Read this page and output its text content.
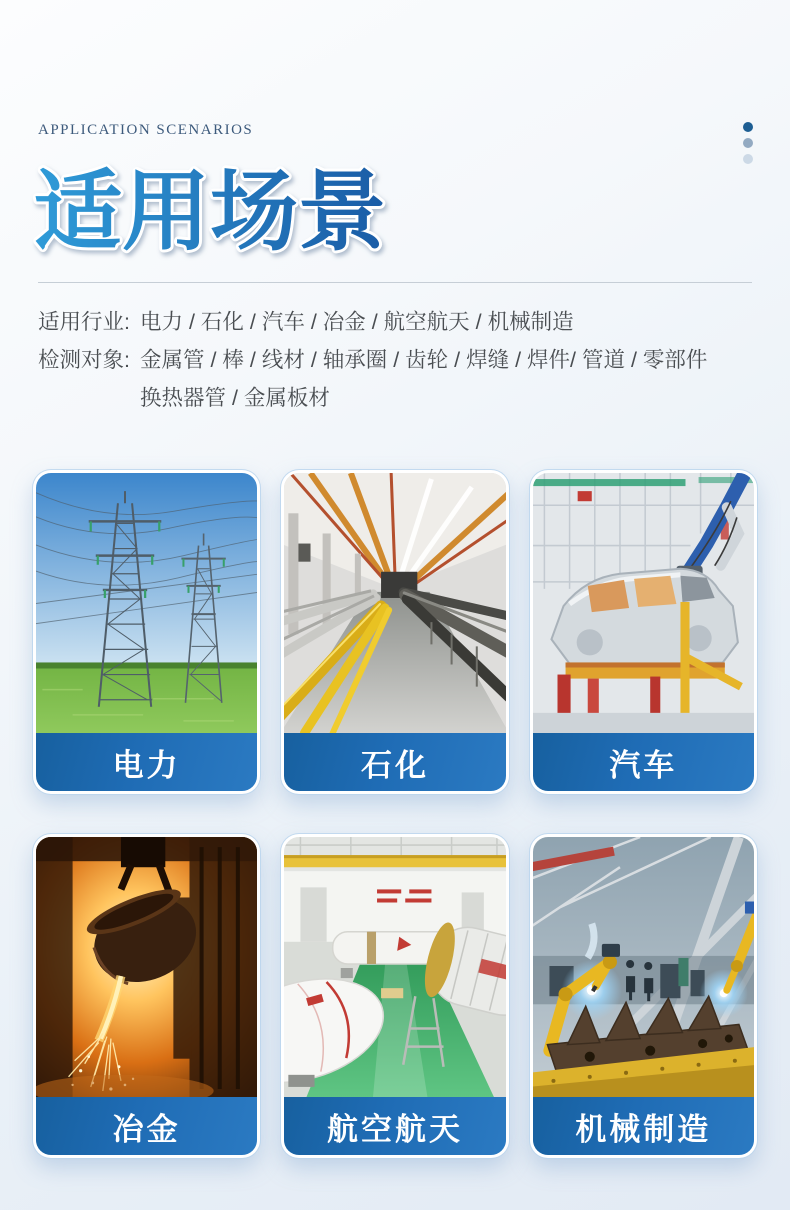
APPLICATION SCENARIOS
适用场景
适用行业: 电力 / 石化 / 汽车 / 冶金 / 航空航天 / 机械制造
检测对象: 金属管 / 棒 / 线材 / 轴承圈 / 齿轮 / 焊缝 / 焊件/ 管道 / 零部件
换热器管 / 金属板材
电力	石化	汽车
冶金	航空航天	机械制造
